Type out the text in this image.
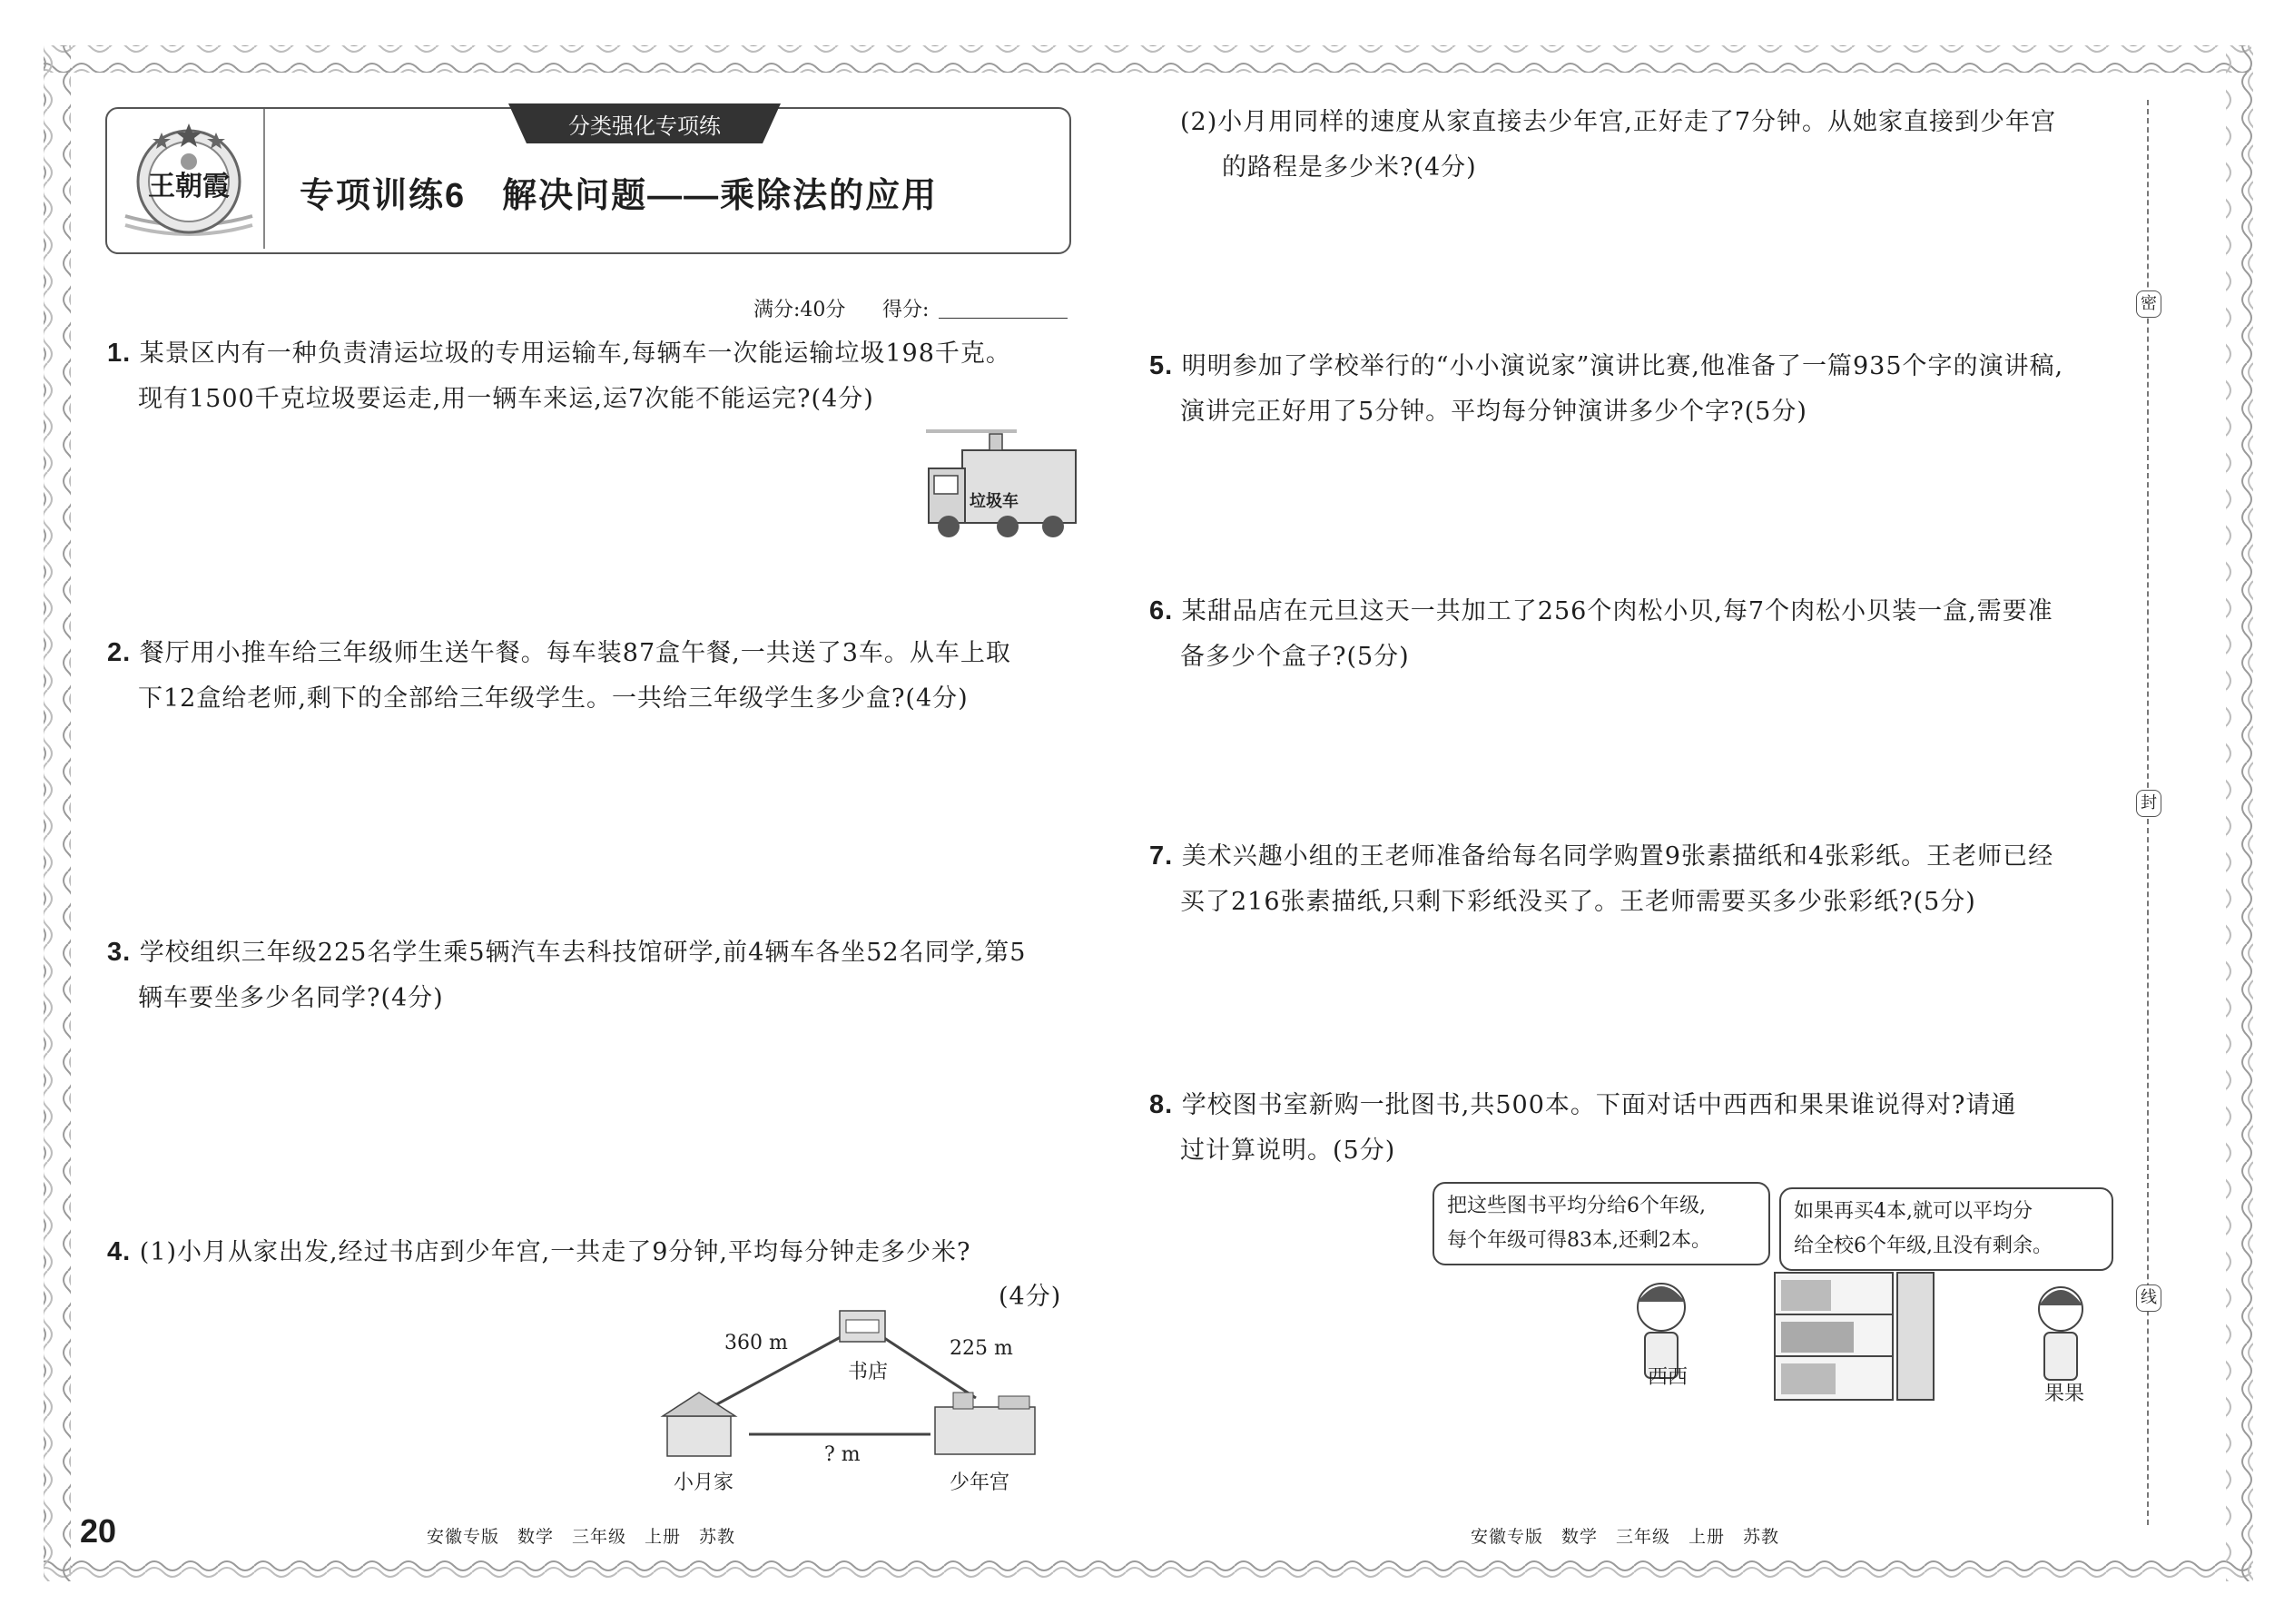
王朝霞
分类强化专项练
专项训练6　解决问题——乘除法的应用
满分:40分 得分:
1. 某景区内有一种负责清运垃圾的专用运输车,每辆车一次能运输垃圾198千克。
现有1500千克垃圾要运走,用一辆车来运,运7次能不能运完?(4分)
垃圾车
2. 餐厅用小推车给三年级师生送午餐。每车装87盒午餐,一共送了3车。从车上取
下12盒给老师,剩下的全部给三年级学生。一共给三年级学生多少盒?(4分)
3. 学校组织三年级225名学生乘5辆汽车去科技馆研学,前4辆车各坐52名同学,第5
辆车要坐多少名同学?(4分)
4. (1)小月从家出发,经过书店到少年宫,一共走了9分钟,平均每分钟走多少米?
(4分)
360 m	225 m
书店
? m
小月家	少年宫
(2)小月用同样的速度从家直接去少年宫,正好走了7分钟。从她家直接到少年宫
的路程是多少米?(4分)
5. 明明参加了学校举行的“小小演说家”演讲比赛,他准备了一篇935个字的演讲稿,
演讲完正好用了5分钟。平均每分钟演讲多少个字?(5分)
6. 某甜品店在元旦这天一共加工了256个肉松小贝,每7个肉松小贝装一盒,需要准
备多少个盒子?(5分)
7. 美术兴趣小组的王老师准备给每名同学购置9张素描纸和4张彩纸。王老师已经
买了216张素描纸,只剩下彩纸没买了。王老师需要买多少张彩纸?(5分)
8. 学校图书室新购一批图书,共500本。下面对话中西西和果果谁说得对?请通
过计算说明。(5分)
把这些图书平均分给6个年级,
每个年级可得83本,还剩2本。
如果再买4本,就可以平均分
给全校6个年级,且没有剩余。
西西
果果
密
封
线
20	安徽专版　数学　三年级　上册　苏教	安徽专版　数学　三年级　上册　苏教
